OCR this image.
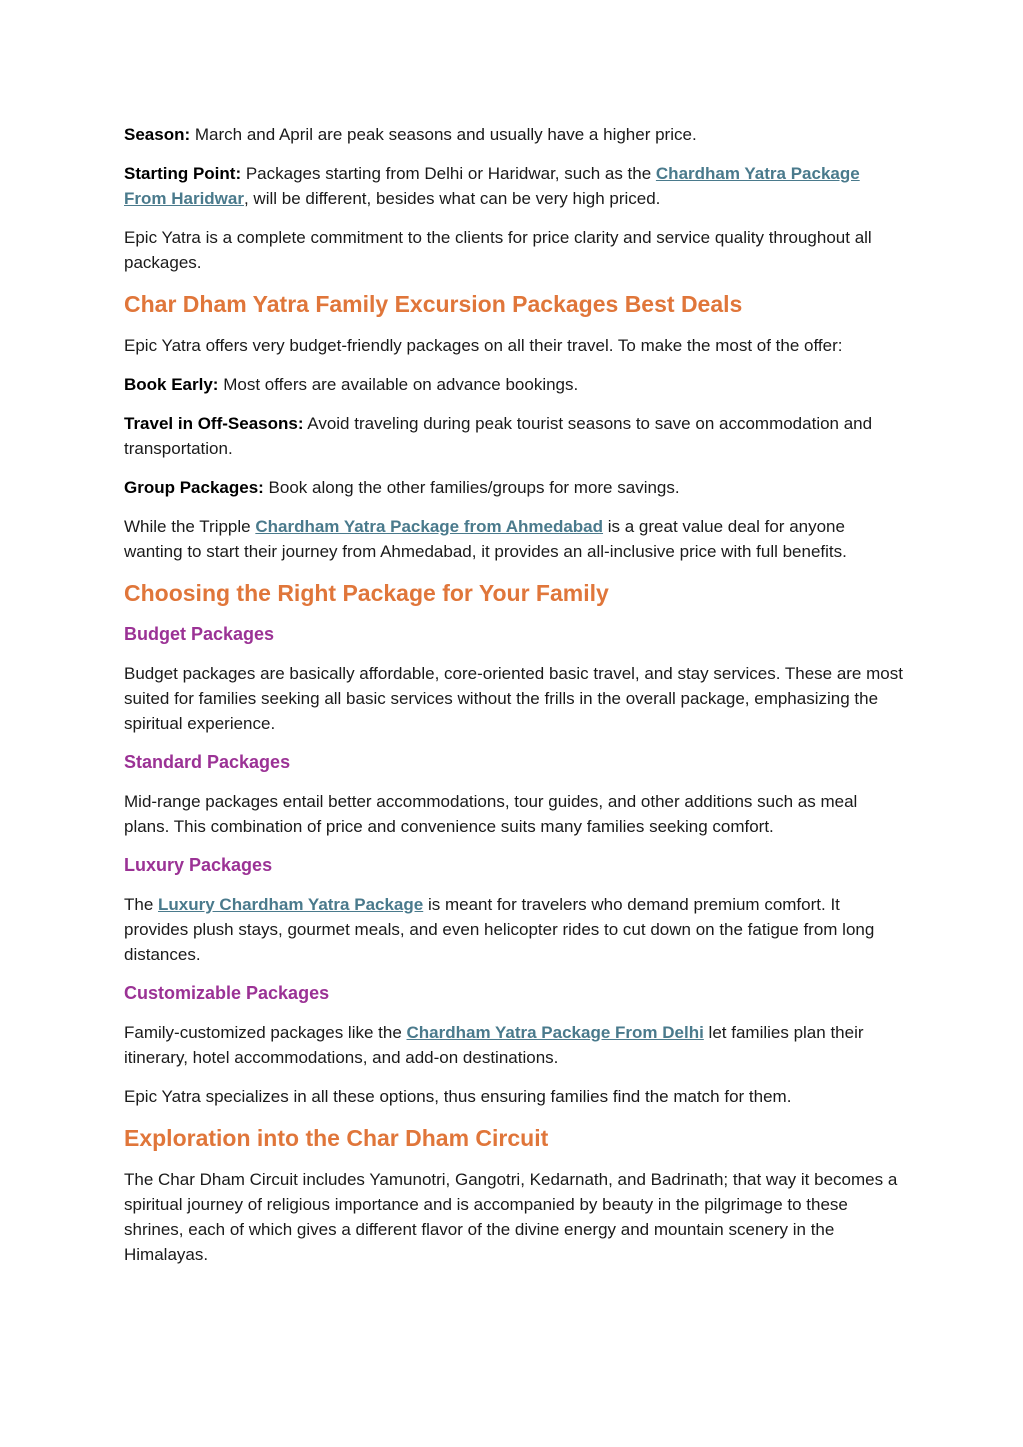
Season: March and April are peak seasons and usually have a higher price.

Starting Point: Packages starting from Delhi or Haridwar, such as the Chardham Yatra Package From Haridwar, will be different, besides what can be very high priced.

Epic Yatra is a complete commitment to the clients for price clarity and service quality throughout all packages.

Char Dham Yatra Family Excursion Packages Best Deals

Epic Yatra offers very budget-friendly packages on all their travel. To make the most of the offer:

Book Early: Most offers are available on advance bookings.

Travel in Off-Seasons: Avoid traveling during peak tourist seasons to save on accommodation and transportation.

Group Packages: Book along the other families/groups for more savings.

While the Tripple Chardham Yatra Package from Ahmedabad is a great value deal for anyone wanting to start their journey from Ahmedabad, it provides an all-inclusive price with full benefits.

Choosing the Right Package for Your Family
Budget Packages

Budget packages are basically affordable, core-oriented basic travel, and stay services. These are most suited for families seeking all basic services without the frills in the overall package, emphasizing the spiritual experience.

Standard Packages

Mid-range packages entail better accommodations, tour guides, and other additions such as meal plans. This combination of price and convenience suits many families seeking comfort.

Luxury Packages

The Luxury Chardham Yatra Package is meant for travelers who demand premium comfort. It provides plush stays, gourmet meals, and even helicopter rides to cut down on the fatigue from long distances.

Customizable Packages

Family-customized packages like the Chardham Yatra Package From Delhi let families plan their itinerary, hotel accommodations, and add-on destinations.

Epic Yatra specializes in all these options, thus ensuring families find the match for them.

Exploration into the Char Dham Circuit

The Char Dham Circuit includes Yamunotri, Gangotri, Kedarnath, and Badrinath; that way it becomes a spiritual journey of religious importance and is accompanied by beauty in the pilgrimage to these shrines, each of which gives a different flavor of the divine energy and mountain scenery in the Himalayas.
